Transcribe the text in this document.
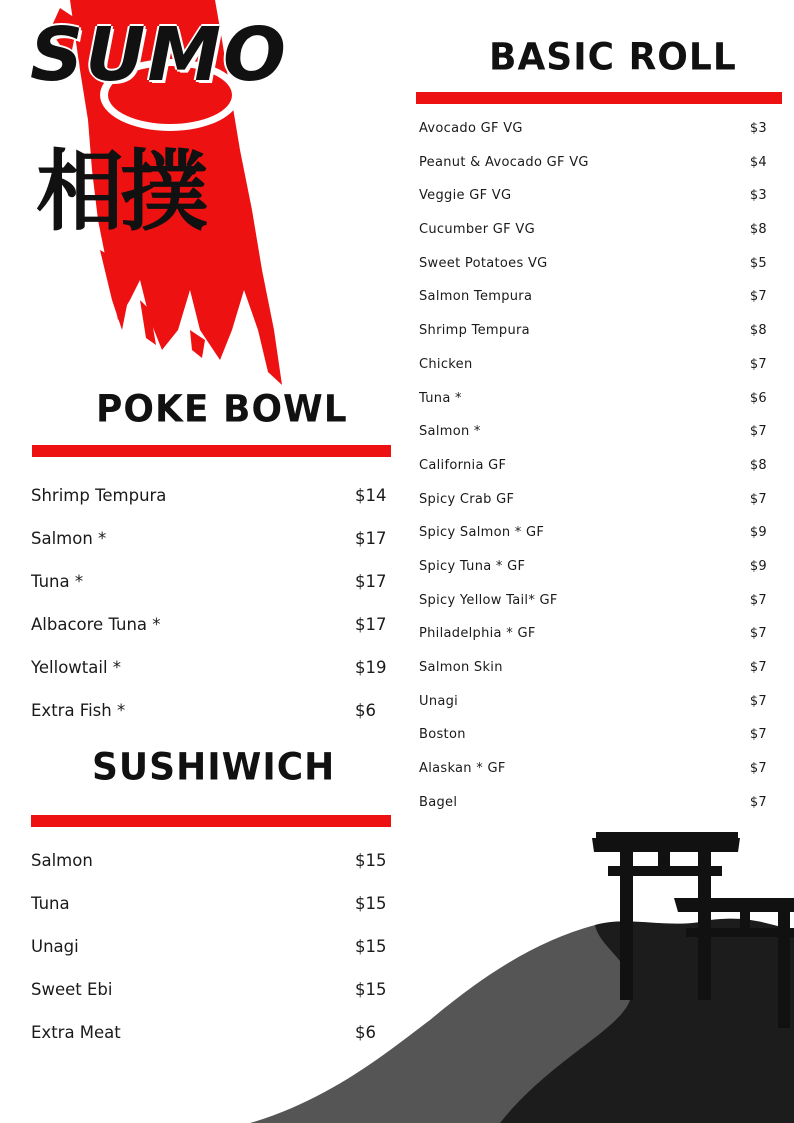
SUMO
相撲
BASIC ROLL
Avocado GF VG	$3
Peanut & Avocado GF VG	$4
Veggie GF VG	$3
Cucumber GF VG	$8
Sweet Potatoes VG	$5
Salmon Tempura	$7
Shrimp Tempura	$8
Chicken	$7
Tuna *	$6
Salmon *	$7
California GF	$8
Spicy Crab GF	$7
Spicy Salmon * GF	$9
Spicy Tuna * GF	$9
Spicy Yellow Tail* GF	$7
Philadelphia * GF	$7
Salmon Skin	$7
Unagi	$7
Boston	$7
Alaskan * GF	$7
Bagel	$7
POKE BOWL
Shrimp Tempura	$14
Salmon *	$17
Tuna *	$17
Albacore Tuna *	$17
Yellowtail *	$19
Extra Fish *	$6
SUSHIWICH
Salmon	$15
Tuna	$15
Unagi	$15
Sweet Ebi	$15
Extra Meat	$6
